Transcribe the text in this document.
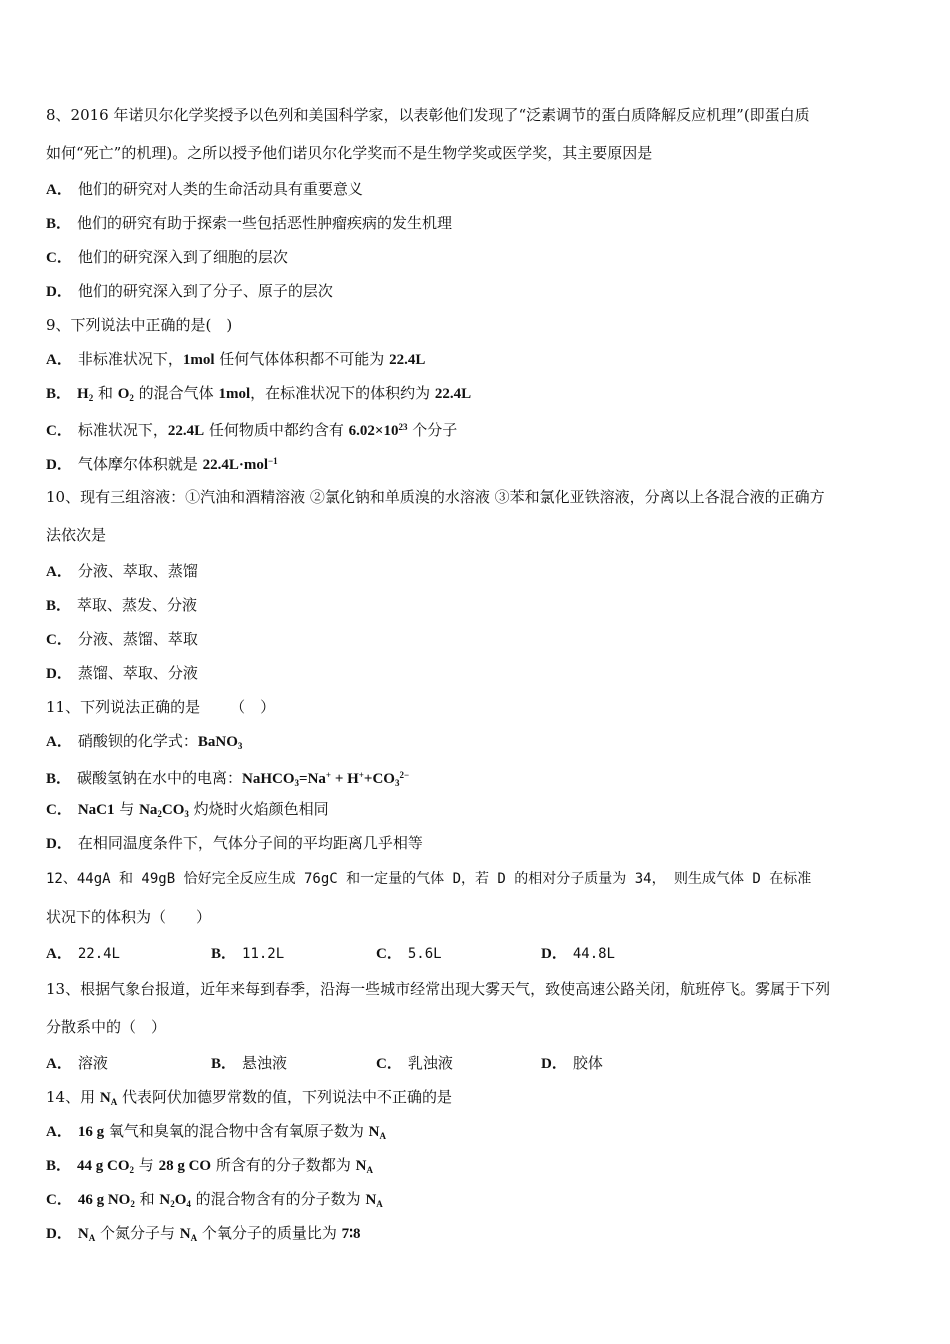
8、2016 年诺贝尔化学奖授予以色列和美国科学家，以表彰他们发现了“泛素调节的蛋白质降解反应机理”(即蛋白质
如何“死亡”的机理)。之所以授予他们诺贝尔化学奖而不是生物学奖或医学奖，其主要原因是
A． 他们的研究对人类的生命活动具有重要意义
B． 他们的研究有助于探索一些包括恶性肿瘤疾病的发生机理
C． 他们的研究深入到了细胞的层次
D． 他们的研究深入到了分子、原子的层次
9、下列说法中正确的是(　)
A． 非标准状况下，1mol 任何气体体积都不可能为 22.4L
B． $H_2$ 和 $O_2$ 的混合气体 1mol，在标准状况下的体积约为 22.4L
C． 标准状况下，22.4L 任何物质中都约含有 $6.02\times 10^{23}$ 个分子
D． 气体摩尔体积就是 22.4L·mol$^{-1}$
10、现有三组溶液：①汽油和酒精溶液 ②氯化钠和单质溴的水溶液 ③苯和氯化亚铁溶液，分离以上各混合液的正确方
法依次是
A． 分液、萃取、蒸馏
B． 萃取、蒸发、分液
C． 分液、蒸馏、萃取
D． 蒸馏、萃取、分液
11、下列说法正确的是 （　）
A． 硝酸钡的化学式：BaNO$_3$
B． 碳酸氢钠在水中的电离：NaHCO$_3$=Na+ + $H^++CO_3^{2-}$
C． NaC1 与 $Na_2CO_3$ 灼烧时火焰颜色相同
D． 在相同温度条件下，气体分子间的平均距离几乎相等
12、44gA 和 49gB 恰好完全反应生成 76gC 和一定量的气体 D，若 D 的相对分子质量为 34， 则生成气体 D 在标准
状况下的体积为（　　）
A． 22.4L	B． 11.2L	C． 5.6L	D． 44.8L
13、根据气象台报道，近年来每到春季，沿海一些城市经常出现大雾天气，致使高速公路关闭，航班停飞。雾属于下列
分散系中的（　）
A． 溶液	B． 悬浊液	C． 乳浊液	D． 胶体
14、用 $N_A$ 代表阿伏加德罗常数的值，下列说法中不正确的是
A． 16 g 氧气和臭氧的混合物中含有氧原子数为 $N_A$
B． 44 g $CO_2$ 与 28 g CO 所含有的分子数都为 $N_A$
C． 46 g $NO_2$ 和 $N_2O_4$ 的混合物含有的分子数为 $N_A$
D． $N_A$ 个氮分子与 $N_A$ 个氧分子的质量比为 7∶8
